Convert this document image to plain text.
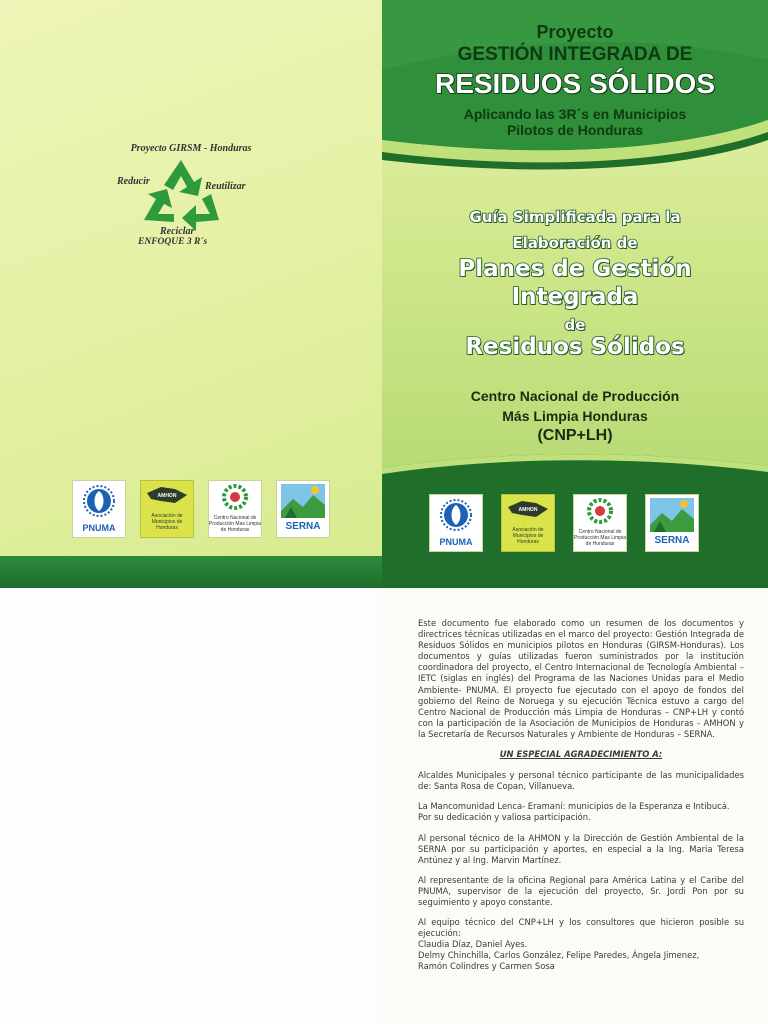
Proyecto GIRSM - Honduras
Reducir	Reutilizar
Reciclar
ENFOQUE 3 R´s
PNUMA
AMHON
Asociación de Municipios de Honduras
Centro Nacional de Producción Mas Limpia de Honduras	SERNA
Proyecto
GESTIÓN INTEGRADA DE
RESIDUOS SÓLIDOS
Aplicando las 3R´s en Municipios
Pilotos de Honduras
Guía Simplificada para la
Elaboración de
Planes de Gestión
Integrada
de
Residuos Sólidos
Centro Nacional de Producción
Más Limpia Honduras
(CNP+LH)
PNUMA
AMHON
Asociación de Municipios de Honduras
Centro Nacional de Producción Mas Limpia de Honduras	SERNA

Este documento fue elaborado como un resumen de los documentos y directrices técnicas utilizadas en el marco del proyecto: Gestión Integrada de Residuos Sólidos en municipios pilotos en Honduras (GIRSM-Honduras). Los documentos y guías utilizadas fueron suministrados por la institución coordinadora del proyecto, el Centro Internacional de Tecnología Ambiental – IETC (siglas en inglés) del Programa de las Naciones Unidas para el Medio Ambiente- PNUMA. El proyecto fue ejecutado con el apoyo de fondos del gobierno del Reino de Noruega y su ejecución Técnica estuvo a cargo del Centro Nacional de Producción más Limpia de Honduras – CNP+LH y contó con la participación de la Asociación de Municipios de Honduras - AMHON y la Secretaría de Recursos Naturales y Ambiente de Honduras – SERNA.

UN ESPECIAL AGRADECIMIENTO A:

Alcaldes Municipales y personal técnico participante de las municipalidades de: Santa Rosa de Copan, Villanueva.

La Mancomunidad Lenca- Eramaní: municipios de la Esperanza e Intibucá.

Por su dedicación y valiosa participación.

Al personal técnico de la AHMON y la Dirección de Gestión Ambiental de la SERNA por su participación y aportes, en especial a la Ing. Maria Teresa Antúnez y al Ing. Marvin Martínez.

Al representante de la oficina Regional para América Latina y el Caribe del PNUMA, supervisor de la ejecución del proyecto, Sr. Jordi Pon por su seguimiento y apoyo constante.

Al equipo técnico del CNP+LH y los consultores que hicieron posible su ejecución:

Claudia Díaz, Daniel Ayes.

Delmy Chinchilla, Carlos González, Felipe Paredes, Ángela Jimenez,

Ramón Colindres y Carmen Sosa
